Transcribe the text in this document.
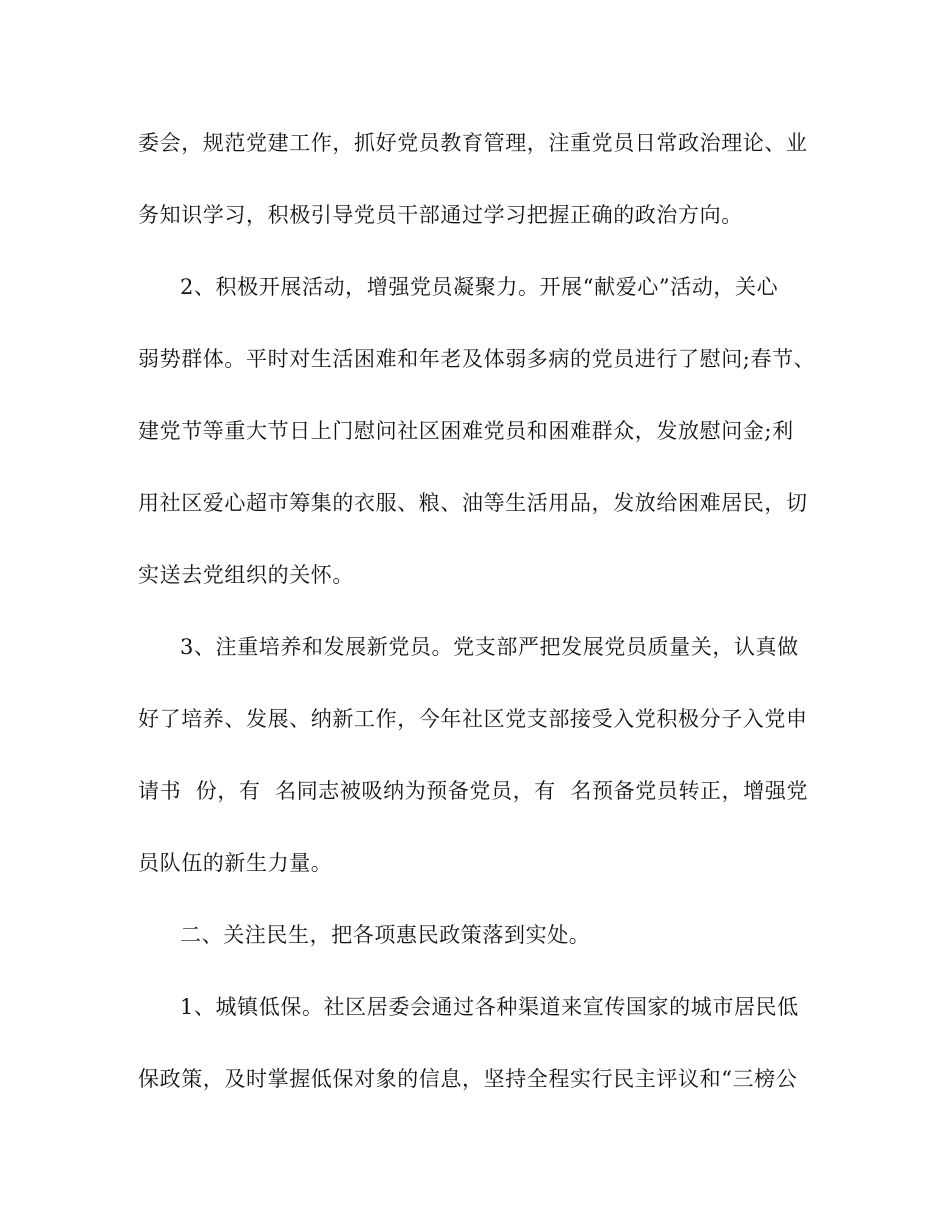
委会，规范党建工作，抓好党员教育管理，注重党员日常政治理论、业
务知识学习，积极引导党员干部通过学习把握正确的政治方向。
2、积极开展活动，增强党员凝聚力。开展“献爱心”活动，关心
弱势群体。平时对生活困难和年老及体弱多病的党员进行了慰问;春节、
建党节等重大节日上门慰问社区困难党员和困难群众，发放慰问金;利
用社区爱心超市筹集的衣服、粮、油等生活用品，发放给困难居民，切
实送去党组织的关怀。
3、注重培养和发展新党员。党支部严把发展党员质量关，认真做
好了培养、发展、纳新工作，今年社区党支部接受入党积极分子入党申
请书  份，有  名同志被吸纳为预备党员，有  名预备党员转正，增强党
员队伍的新生力量。
二、关注民生，把各项惠民政策落到实处。
1、城镇低保。社区居委会通过各种渠道来宣传国家的城市居民低
保政策，及时掌握低保对象的信息，坚持全程实行民主评议和“三榜公
